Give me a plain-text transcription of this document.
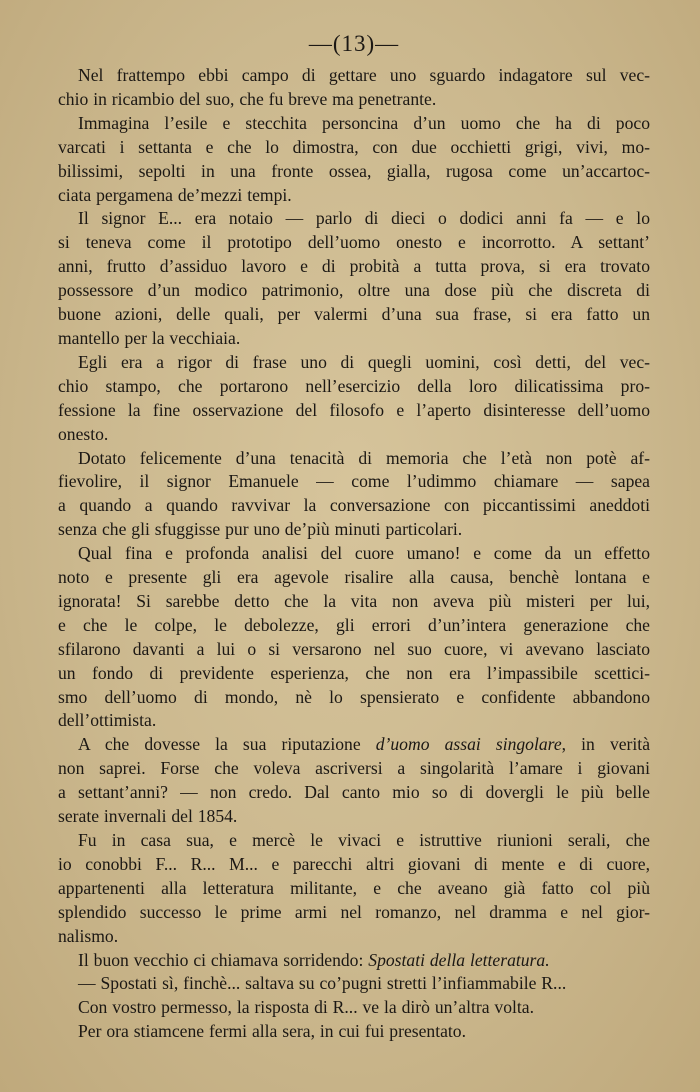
—(13)—

Nel frattempo ebbi campo di gettare uno sguardo indagatore sul vec-
chio in ricambio del suo, che fu breve ma penetrante.

Immagina l’esile e stecchita personcina d’un uomo che ha di poco
varcati i settanta e che lo dimostra, con due occhietti grigi, vivi, mo-
bilissimi, sepolti in una fronte ossea, gialla, rugosa come un’accartoc-
ciata pergamena de’mezzi tempi.

Il signor E... era notaio — parlo di dieci o dodici anni fa — e lo
si teneva come il prototipo dell’uomo onesto e incorrotto. A settant’
anni, frutto d’assiduo lavoro e di probità a tutta prova, si era trovato
possessore d’un modico patrimonio, oltre una dose più che discreta di
buone azioni, delle quali, per valermi d’una sua frase, si era fatto un
mantello per la vecchiaia.

Egli era a rigor di frase uno di quegli uomini, così detti, del vec-
chio stampo, che portarono nell’esercizio della loro dilicatissima pro-
fessione la fine osservazione del filosofo e l’aperto disinteresse dell’uomo
onesto.

Dotato felicemente d’una tenacità di memoria che l’età non potè af-
fievolire, il signor Emanuele — come l’udimmo chiamare — sapea
a quando a quando ravvivar la conversazione con piccantissimi aneddoti
senza che gli sfuggisse pur uno de’più minuti particolari.

Qual fina e profonda analisi del cuore umano! e come da un effetto
noto e presente gli era agevole risalire alla causa, benchè lontana e
ignorata! Si sarebbe detto che la vita non aveva più misteri per lui,
e che le colpe, le debolezze, gli errori d’un’intera generazione che
sfilarono davanti a lui o si versarono nel suo cuore, vi avevano lasciato
un fondo di previdente esperienza, che non era l’impassibile scettici-
smo dell’uomo di mondo, nè lo spensierato e confidente abbandono
dell’ottimista.

A che dovesse la sua riputazione d’uomo assai singolare, in verità
non saprei. Forse che voleva ascriversi a singolarità l’amare i giovani
a settant’anni? — non credo. Dal canto mio so di dovergli le più belle
serate invernali del 1854.

Fu in casa sua, e mercè le vivaci e istruttive riunioni serali, che
io conobbi F... R... M... e parecchi altri giovani di mente e di cuore,
appartenenti alla letteratura militante, e che aveano già fatto col più
splendido successo le prime armi nel romanzo, nel dramma e nel gior-
nalismo.

Il buon vecchio ci chiamava sorridendo: Spostati della letteratura.

— Spostati sì, finchè... saltava su co’pugni stretti l’infiammabile R...

Con vostro permesso, la risposta di R... ve la dirò un’altra volta.

Per ora stiamcene fermi alla sera, in cui fui presentato.
